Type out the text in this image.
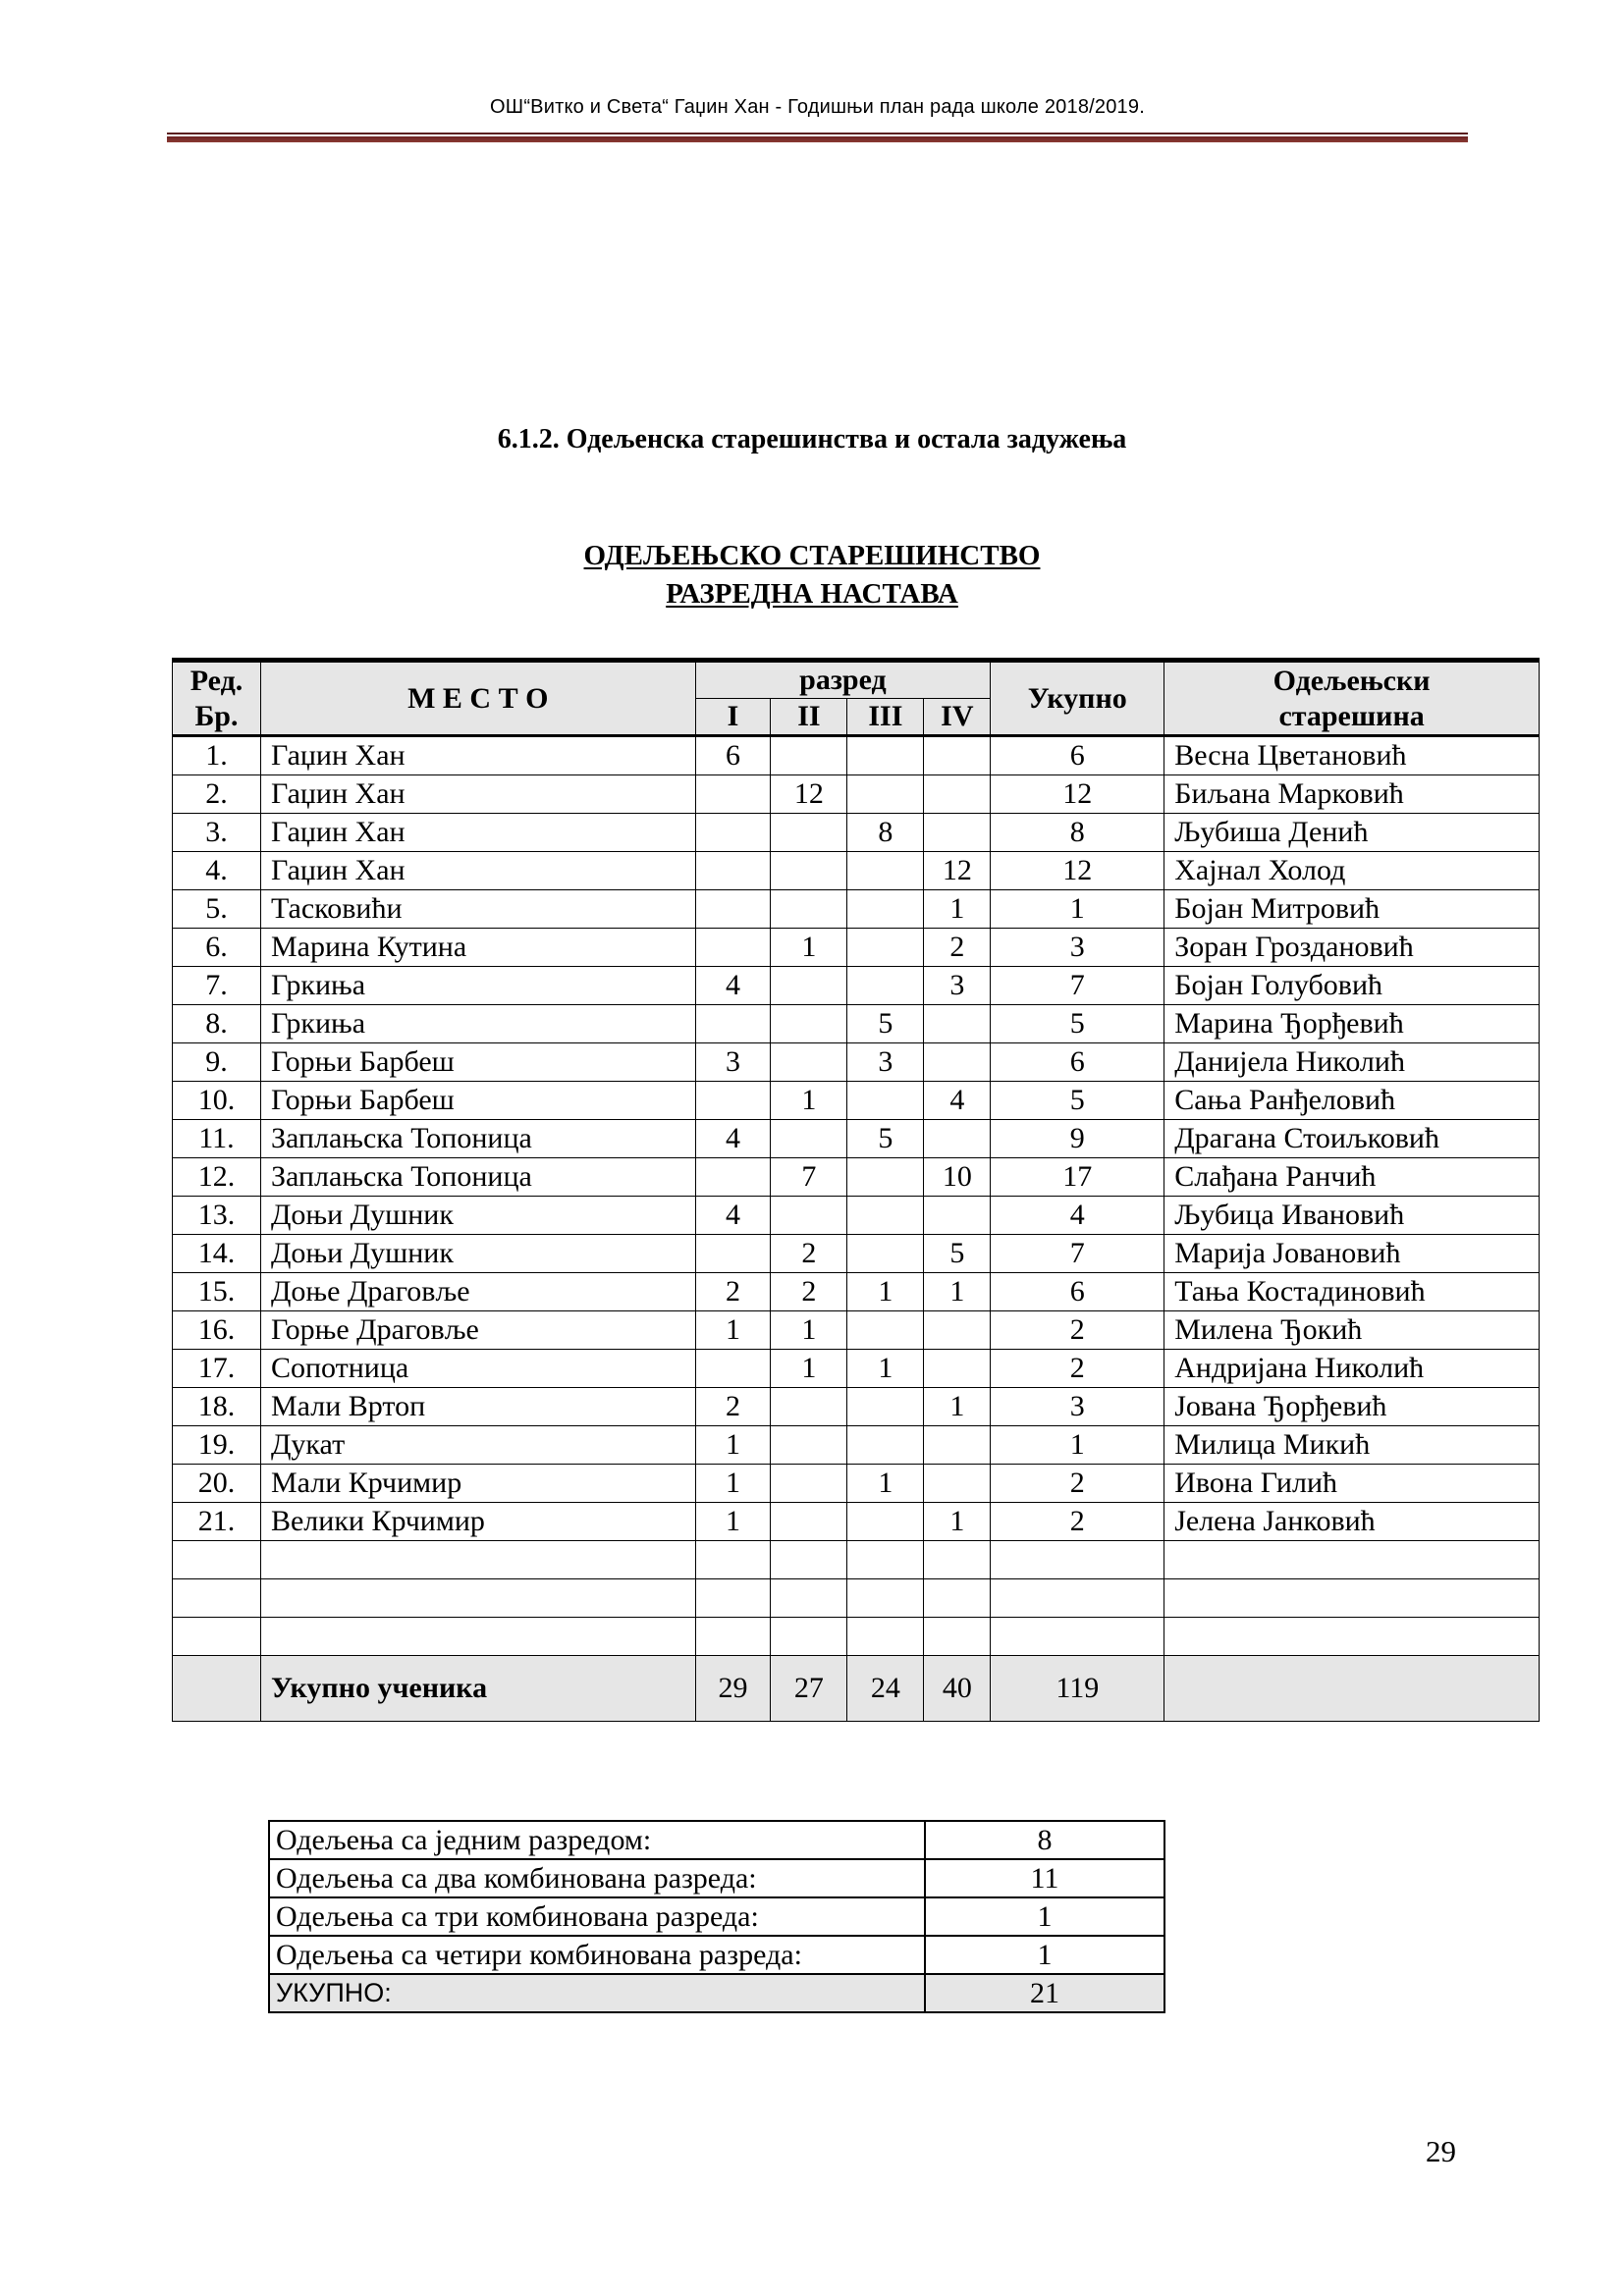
ОШ“Витко и Света“ Гаџин Хан - Годишњи план рада школе 2018/2019.
6.1.2. Одељенска старешинства и остала задужења
ОДЕЉЕЊСКО СТАРЕШИНСТВО
РАЗРЕДНА НАСТАВА
Ред.
Бр.	М Е С Т О	разред				Укупно	Одељењски
старешина
		I	II	III	IV		
1.	Гаџин Хан	6				6	Весна Цветановић
2.	Гаџин Хан		12			12	Биљана Марковић
3.	Гаџин Хан			8		8	Љубиша Денић
4.	Гаџин Хан				12	12	Хајнал Холод
5.	Тасковићи				1	1	Бојан Митровић
6.	Марина Кутина		1		2	3	Зоран Гроздановић
7.	Гркиња	4			3	7	Бојан Голубовић
8.	Гркиња			5		5	Марина Ђорђевић
9.	Горњи Барбеш	3		3		6	Данијела Николић
10.	Горњи Барбеш		1		4	5	Сања Ранђеловић
11.	Заплањска Топоница	4		5		9	Драгана Стоиљковић
12.	Заплањска Топоница		7		10	17	Слађана Ранчић
13.	Доњи Душник	4				4	Љубица Ивановић
14.	Доњи Душник		2		5	7	Марија Јовановић
15.	Доње Драговље	2	2	1	1	6	Тања Костадиновић
16.	Горње Драговље	1	1			2	Милена Ђокић
17.	Сопотница		1	1		2	Андријана Николић
18.	Мали Вртоп	2			1	3	Јована Ђорђевић
19.	Дукат	1				1	Милица Микић
20.	Мали Крчимир	1		1		2	Ивона Гилић
21.	Велики Крчимир	1			1	2	Јелена Јанковић

	Укупно ученика	29	27	24	40	119	
Одељења са једним разредом:	8
Одељења са два комбинована разреда:	11
Одељења са три комбинована разреда:	1
Одељења са четири комбинована разреда:	1
УКУПНО:	21
29
